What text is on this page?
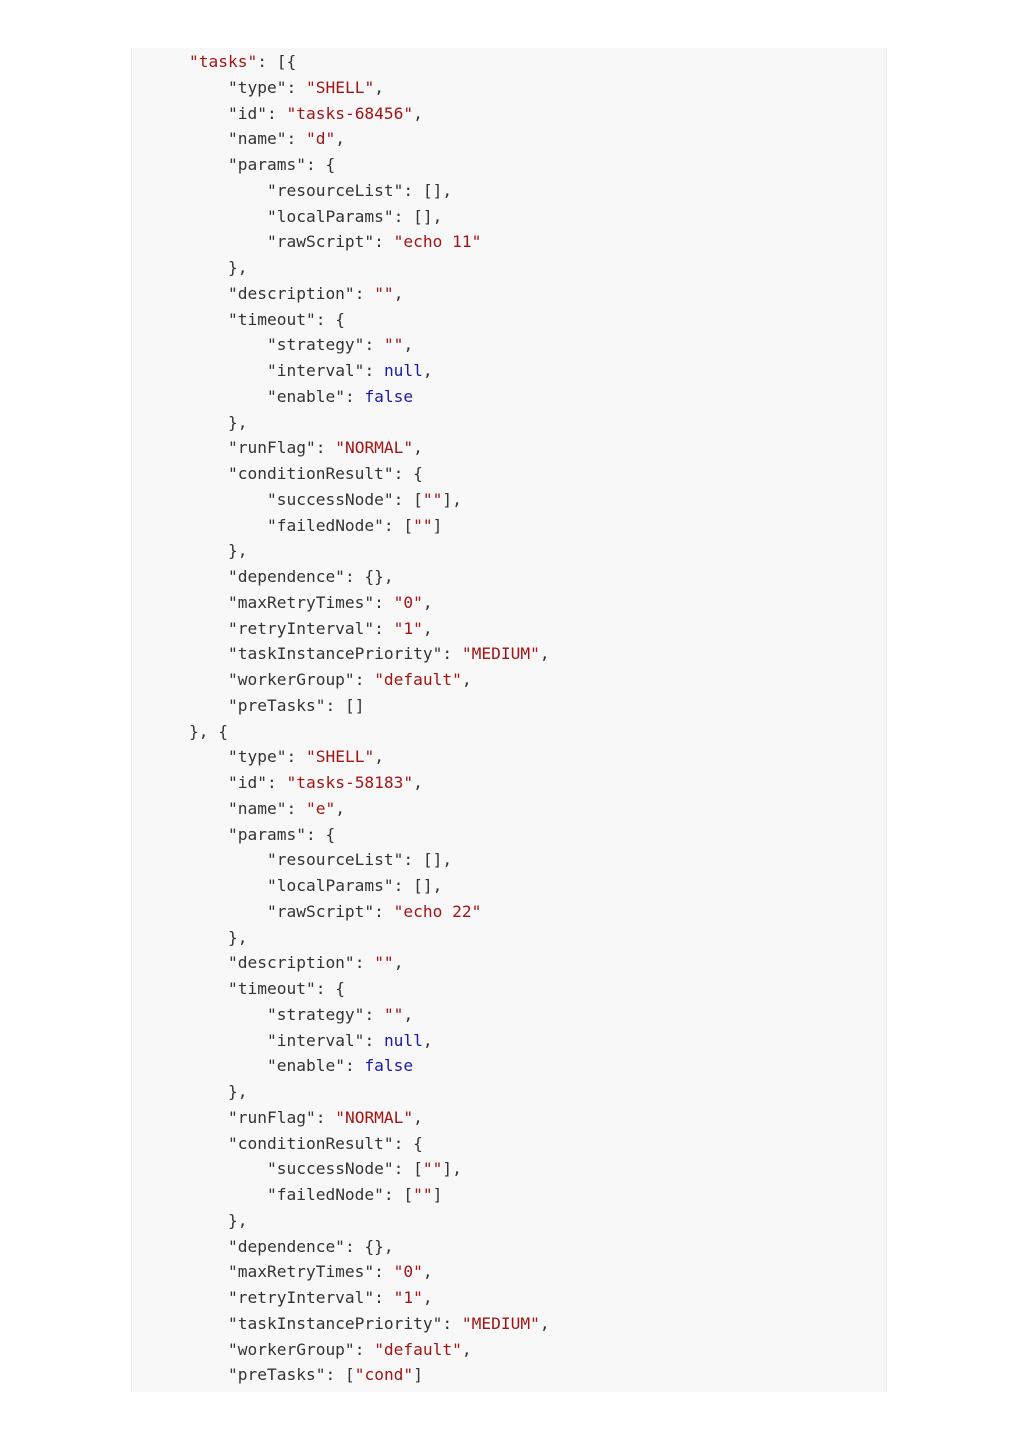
"tasks": [{
"type": "SHELL",
"id": "tasks-68456",
"name": "d",
"params": {
"resourceList": [],
"localParams": [],
"rawScript": "echo 11"
},
"description": "",
"timeout": {
"strategy": "",
"interval": null,
"enable": false
},
"runFlag": "NORMAL",
"conditionResult": {
"successNode": [""],
"failedNode": [""]
},
"dependence": {},
"maxRetryTimes": "0",
"retryInterval": "1",
"taskInstancePriority": "MEDIUM",
"workerGroup": "default",
"preTasks": []
}, {
"type": "SHELL",
"id": "tasks-58183",
"name": "e",
"params": {
"resourceList": [],
"localParams": [],
"rawScript": "echo 22"
},
"description": "",
"timeout": {
"strategy": "",
"interval": null,
"enable": false
},
"runFlag": "NORMAL",
"conditionResult": {
"successNode": [""],
"failedNode": [""]
},
"dependence": {},
"maxRetryTimes": "0",
"retryInterval": "1",
"taskInstancePriority": "MEDIUM",
"workerGroup": "default",
"preTasks": ["cond"]
